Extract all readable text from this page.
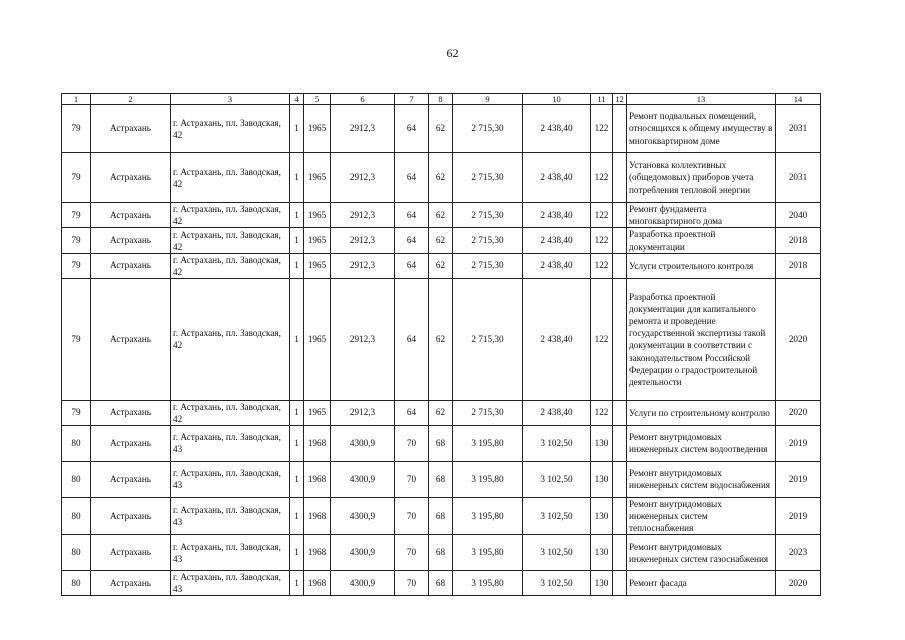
62
1	2	3	4	5	6	7	8	9	10	11	12	13	14
79	Астрахань	г. Астрахань, пл. Заводская, 42	1	1965	2912,3	64	62	2 715,30	2 438,40	122		Ремонт подвальных помещений, относящихся к общему имуществу в многоквартирном доме	2031
79	Астрахань	г. Астрахань, пл. Заводская, 42	1	1965	2912,3	64	62	2 715,30	2 438,40	122		Установка коллективных (общедомовых) приборов учета потребления тепловой энергии	2031
79	Астрахань	г. Астрахань, пл. Заводская, 42	1	1965	2912,3	64	62	2 715,30	2 438,40	122		Ремонт фундамента многоквартирного дома	2040
79	Астрахань	г. Астрахань, пл. Заводская, 42	1	1965	2912,3	64	62	2 715,30	2 438,40	122		Разработка проектной документации	2018
79	Астрахань	г. Астрахань, пл. Заводская, 42	1	1965	2912,3	64	62	2 715,30	2 438,40	122		Услуги строительного контроля	2018
79	Астрахань	г. Астрахань, пл. Заводская, 42	1	1965	2912,3	64	62	2 715,30	2 438,40	122		Разработка проектной документации для капитального ремонта и проведение государственной экспертизы такой документации в соответствии с законодательством Российской Федерации о градостроительной деятельности	2020
79	Астрахань	г. Астрахань, пл. Заводская, 42	1	1965	2912,3	64	62	2 715,30	2 438,40	122		Услуги по строительному контролю	2020
80	Астрахань	г. Астрахань, пл. Заводская, 43	1	1968	4300,9	70	68	3 195,80	3 102,50	130		Ремонт внутридомовых инженерных систем водоотведения	2019
80	Астрахань	г. Астрахань, пл. Заводская, 43	1	1968	4300,9	70	68	3 195,80	3 102,50	130		Ремонт внутридомовых инженерных систем водоснабжения	2019
80	Астрахань	г. Астрахань, пл. Заводская, 43	1	1968	4300,9	70	68	3 195,80	3 102,50	130		Ремонт внутридомовых инженерных систем теплоснабжения	2019
80	Астрахань	г. Астрахань, пл. Заводская, 43	1	1968	4300,9	70	68	3 195,80	3 102,50	130		Ремонт внутридомовых инженерных систем газоснабжения	2023
80	Астрахань	г. Астрахань, пл. Заводская, 43	1	1968	4300,9	70	68	3 195,80	3 102,50	130		Ремонт фасада	2020
